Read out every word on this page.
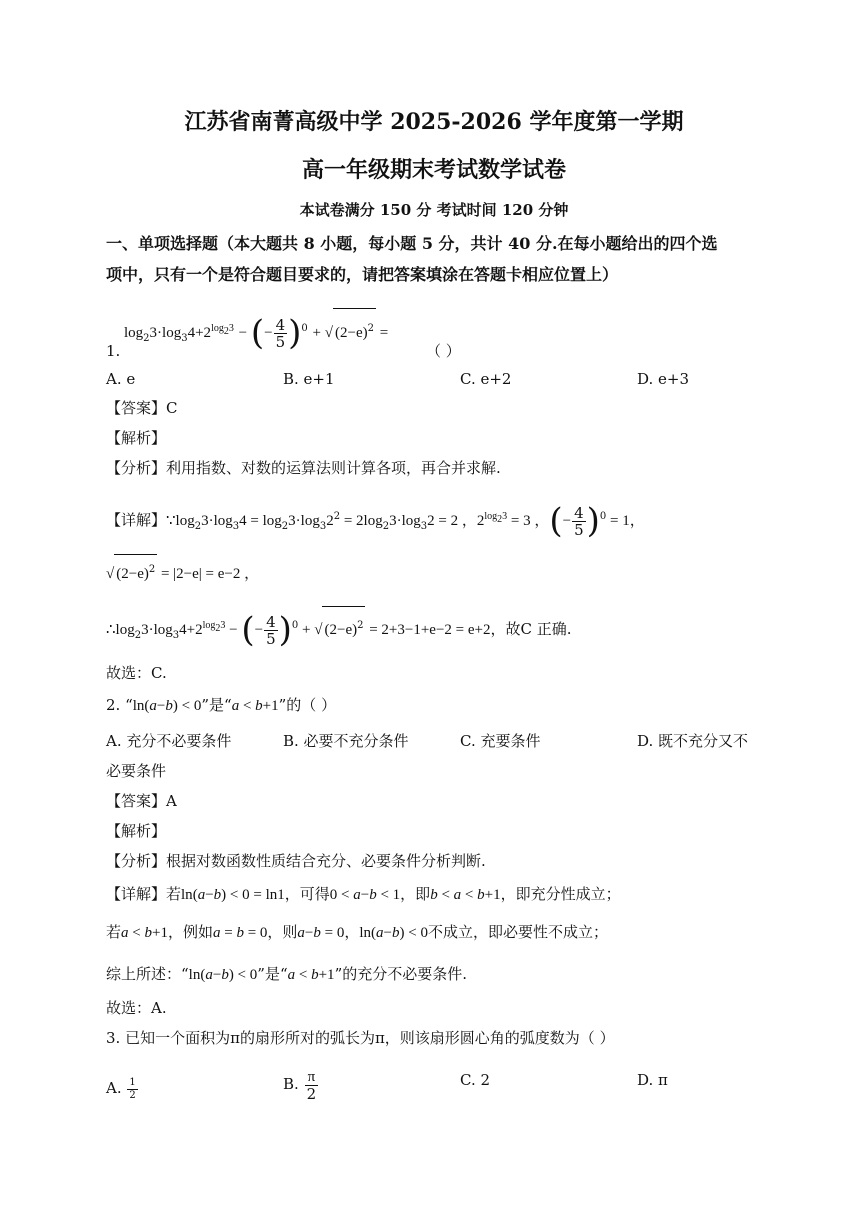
江苏省南菁高级中学 2025-2026 学年度第一学期
高一年级期末考试数学试卷
本试卷满分 150 分 考试时间 120 分钟
一、单项选择题（本大题共 8 小题，每小题 5 分，共计 40 分.在每小题给出的四个选
项中，只有一个是符合题目要求的，请把答案填涂在答题卡相应位置上）
$\log_23\cdot\log_34+2^{log_23}$ − (− $\frac{4}{5} )^0$ + √ $(2-e)^2$ =
1.	（ ）
A. e	B. e+1	C. e+2	D. e+3
【答案】C
【解析】
【分析】利用指数、对数的运算法则计算各项，再合并求解.
【详解】$\because\log_23\cdot\log_34 = \log_23\cdot\log_32^2 = 2\log_23\cdot\log_32 = 2$ ，$2^{log_23} = 3$ ，(− $\frac{4}{5} )^0 = 1$，
√ $(2-e)^2 = |2-e| = e-2$ ，
$\therefore\log_23\cdot\log_34+2^{log_23}$ − (− $\frac{4}{5} )^0$ + √ $(2-e)^2 = 2+3-1+e-2 = e+2$，故C 正确.
故选：C.
2. “ln(a−b) < 0”是“a < b+1”的（ ）
A. 充分不必要条件	B. 必要不充分条件	C. 充要条件	D. 既不充分又不
必要条件
【答案】A
【解析】
【分析】根据对数函数性质结合充分、必要条件分析判断.
【详解】若ln(a−b) < 0 = ln1，可得0 < a−b < 1，即b < a < b+1，即充分性成立；
若a < b+1，例如a = b = 0，则a−b = 0，ln(a−b) < 0不成立，即必要性不成立；
综上所述：“ln(a−b) < 0”是“a < b+1”的充分不必要条件.
故选：A.
3. 已知一个面积为π的扇形所对的弧长为π，则该扇形圆心角的弧度数为（ ）
A. $\frac{1}{2}$	B. $\frac{\pi}{2}$	C. 2	D. π
